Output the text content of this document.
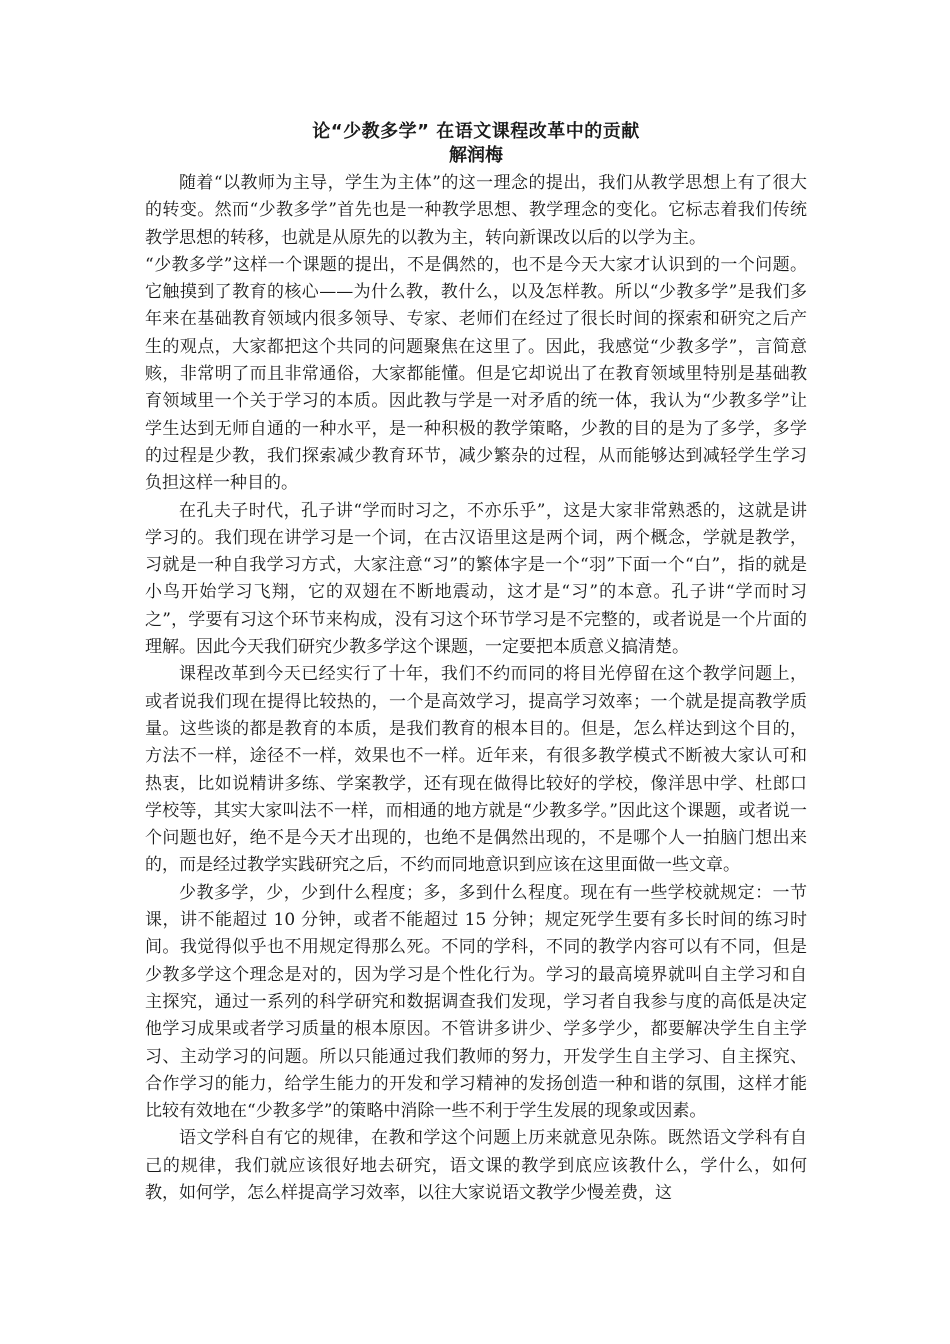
论“少教多学” 在语文课程改革中的贡献
解润梅

随着“以教师为主导，学生为主体”的这一理念的提出，我们从教学思想上有了很大的转变。然而“少教多学”首先也是一种教学思想、教学理念的变化。它标志着我们传统教学思想的转移，也就是从原先的以教为主，转向新课改以后的以学为主。

“少教多学”这样一个课题的提出，不是偶然的，也不是今天大家才认识到的一个问题。它触摸到了教育的核心——为什么教，教什么，以及怎样教。所以“少教多学”是我们多年来在基础教育领域内很多领导、专家、老师们在经过了很长时间的探索和研究之后产生的观点，大家都把这个共同的问题聚焦在这里了。因此，我感觉“少教多学”，言简意赅，非常明了而且非常通俗，大家都能懂。但是它却说出了在教育领域里特别是基础教育领域里一个关于学习的本质。因此教与学是一对矛盾的统一体，我认为“少教多学”让学生达到无师自通的一种水平，是一种积极的教学策略，少教的目的是为了多学，多学的过程是少教，我们探索减少教育环节，减少繁杂的过程，从而能够达到减轻学生学习负担这样一种目的。

在孔夫子时代，孔子讲“学而时习之，不亦乐乎”，这是大家非常熟悉的，这就是讲学习的。我们现在讲学习是一个词，在古汉语里这是两个词，两个概念，学就是教学，习就是一种自我学习方式，大家注意“习”的繁体字是一个“羽”下面一个“白”，指的就是小鸟开始学习飞翔，它的双翅在不断地震动，这才是“习”的本意。孔子讲“学而时习之”，学要有习这个环节来构成，没有习这个环节学习是不完整的，或者说是一个片面的理解。因此今天我们研究少教多学这个课题，一定要把本质意义搞清楚。

课程改革到今天已经实行了十年，我们不约而同的将目光停留在这个教学问题上，或者说我们现在提得比较热的，一个是高效学习，提高学习效率；一个就是提高教学质量。这些谈的都是教育的本质，是我们教育的根本目的。但是，怎么样达到这个目的，方法不一样，途径不一样，效果也不一样。近年来，有很多教学模式不断被大家认可和热衷，比如说精讲多练、学案教学，还有现在做得比较好的学校，像洋思中学、杜郎口学校等，其实大家叫法不一样，而相通的地方就是“少教多学。”因此这个课题，或者说一个问题也好，绝不是今天才出现的，也绝不是偶然出现的，不是哪个人一拍脑门想出来的，而是经过教学实践研究之后，不约而同地意识到应该在这里面做一些文章。

少教多学，少，少到什么程度；多，多到什么程度。现在有一些学校就规定：一节课，讲不能超过 10 分钟，或者不能超过 15 分钟；规定死学生要有多长时间的练习时间。我觉得似乎也不用规定得那么死。不同的学科，不同的教学内容可以有不同，但是少教多学这个理念是对的，因为学习是个性化行为。学习的最高境界就叫自主学习和自主探究，通过一系列的科学研究和数据调查我们发现，学习者自我参与度的高低是决定他学习成果或者学习质量的根本原因。不管讲多讲少、学多学少，都要解决学生自主学习、主动学习的问题。所以只能通过我们教师的努力，开发学生自主学习、自主探究、合作学习的能力，给学生能力的开发和学习精神的发扬创造一种和谐的氛围，这样才能比较有效地在“少教多学”的策略中消除一些不利于学生发展的现象或因素。

语文学科自有它的规律，在教和学这个问题上历来就意见杂陈。既然语文学科有自己的规律，我们就应该很好地去研究，语文课的教学到底应该教什么，学什么，如何教，如何学，怎么样提高学习效率，以往大家说语文教学少慢差费，这
